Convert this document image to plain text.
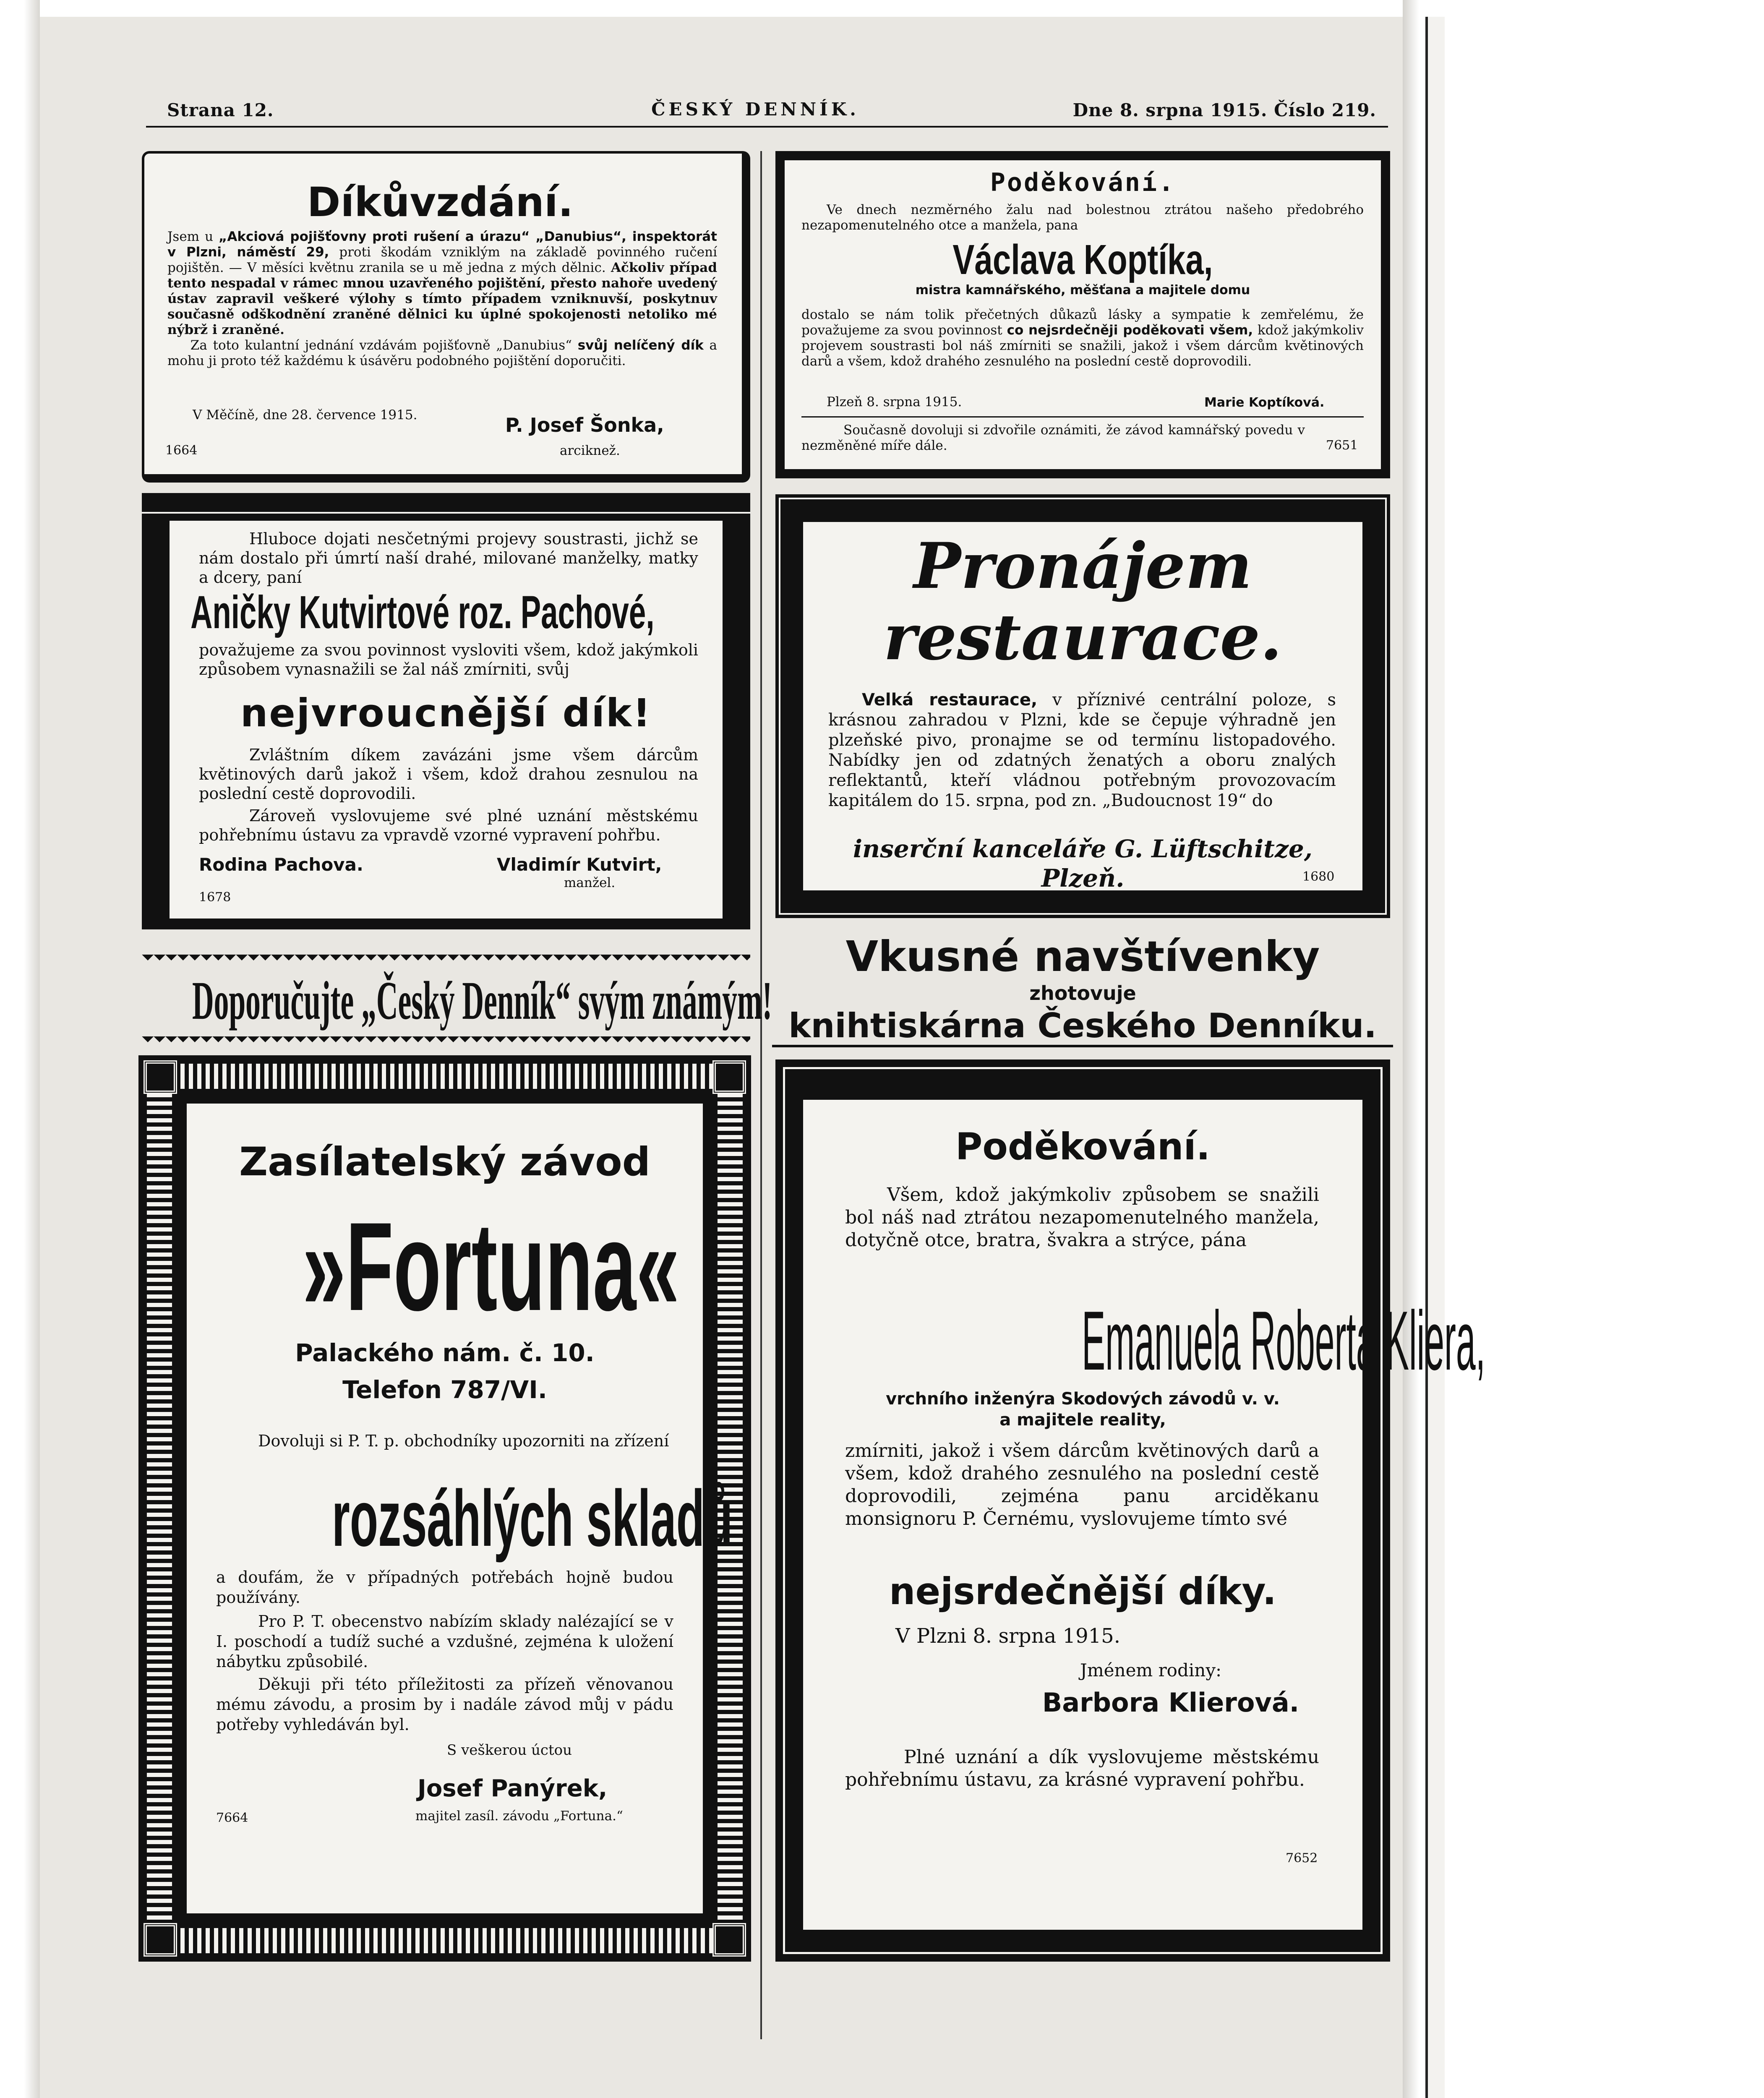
Strana 12.	ČESKÝ DENNÍK.	Dne 8. srpna 1915. Číslo 219.
Díkůvzdání.
Jsem u „Akciová pojišťovny proti rušení a úrazu“ „Danubius“, inspektorát v Plzni, náměstí 29, proti škodám vzniklým na základě povinného ručení pojištěn. — V měsíci květnu zranila se u mě jedna z mých dělnic. Ačkoliv případ tento nespadal v rámec mnou uzavřeného pojištění, přesto nahoře uvedený ústav zapravil veškeré výlohy s tímto případem vzniknuvší, poskytnuv současně odškodnění zraněné dělnici ku úplné spokojenosti netoliko mé nýbrž i zraněné.
Za toto kulantní jednání vzdávám pojišťovně „Danubius“ svůj nelíčený dík a mohu ji proto též každému k úsávěru podobného pojištění doporučiti.
V Měčíně, dne 28. července 1915.	P. Josef Šonka,
arciknež.
1664
Hluboce dojati nesčetnými projevy soustrasti, jichž se nám dostalo při úmrtí naší drahé, milované manželky, matky a dcery, paní
Aničky Kutvirtové roz. Pachové,
považujeme za svou povinnost vysloviti všem, kdož jakýmkoli způsobem vynasnažili se žal náš zmírniti, svůj
nejvroucnější dík!
Zvláštním díkem zavázáni jsme všem dárcům květinových darů jakož i všem, kdož drahou zesnulou na poslední cestě doprovodili.
Zároveň vyslovujeme své plné uznání městskému pohřebnímu ústavu za vpravdě vzorné vypravení pohřbu.
Rodina Pachova.	Vladimír Kutvirt,
manžel.
1678
Doporučujte „Český Denník“ svým známým!
Zasílatelský závod
»Fortuna«
Palackého nám. č. 10.
Telefon 787/VI.
Dovoluji si P. T. p. obchodníky upozorniti na zřízení
rozsáhlých skladů
a doufám, že v případných potřebách hojně budou používány.
Pro P. T. obecenstvo nabízím sklady nalézající se v I. poschodí a tudíž suché a vzdušné, zejména k uložení nábytku způsobilé.
Děkuji při této příležitosti za přízeň věnovanou mému závodu, a prosim by i nadále závod můj v pádu potřeby vyhledáván byl.
S veškerou úctou
Josef Panýrek,
majitel zasíl. závodu „Fortuna.“
7664
Poděkování.
Ve dnech nezměrného žalu nad bolestnou ztrátou našeho předobrého nezapomenutelného otce a manžela, pana
Václava Koptíka,
mistra kamnářského, měšťana a majitele domu
dostalo se nám tolik přečetných důkazů lásky a sympatie k zemřelému, že považujeme za svou povinnost co nejsrdečněji poděkovati všem, kdož jakýmkoliv projevem soustrasti bol náš zmírniti se snažili, jakož i všem dárcům květinových darů a všem, kdož drahého zesnulého na poslední cestě doprovodili.
Plzeň 8. srpna 1915.	Marie Koptíková.
Současně dovoluji si zdvořile oznámiti, že závod kamnářský povedu v nezměněné míře dále.	7651
Pronájem
restaurace.
Velká restaurace, v příznivé centrální poloze, s krásnou zahradou v Plzni, kde se čepuje výhradně jen plzeňské pivo, pronajme se od termínu listopadového. Nabídky jen od zdatných ženatých a oboru znalých reflektantů, kteří vládnou potřebným provozovacím kapitálem do 15. srpna, pod zn. „Budoucnost 19“ do
inserční kanceláře G. Lüftschitze,
Plzeň.	1680
Vkusné navštívenky
zhotovuje
knihtiskárna Českého Denníku.
Poděkování.
Všem, kdož jakýmkoliv způsobem se snažili bol náš nad ztrátou nezapomenutelného manžela, dotyčně otce, bratra, švakra a strýce, pána
Emanuela Roberta Kliera,
vrchního inženýra Skodových závodů v. v.
a majitele reality,
zmírniti, jakož i všem dárcům květinových darů a všem, kdož drahého zesnulého na poslední cestě doprovodili, zejména panu arciděkanu monsignoru P. Černému, vyslovujeme tímto své
nejsrdečnější díky.
V Plzni 8. srpna 1915.
Jménem rodiny:
Barbora Klierová.
Plné uznání a dík vyslovujeme městskému pohřebnímu ústavu, za krásné vypravení pohřbu.
7652
